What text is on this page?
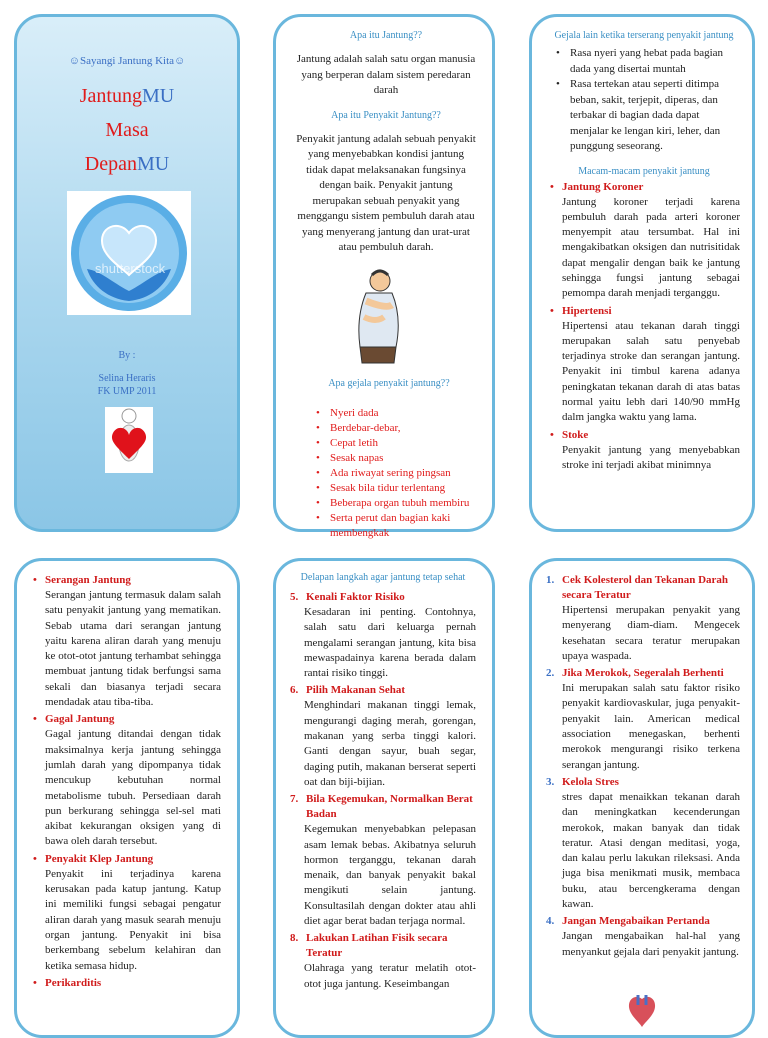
☺Sayangi Jantung Kita☺
JantungMU
Masa
DepanMU
shutterstock
By :
Selina Heraris
FK UMP 2011
Apa itu Jantung??
Jantung adalah salah satu organ manusia yang berperan dalam sistem peredaran darah
Apa itu Penyakit Jantung??
Penyakit jantung adalah sebuah penyakit yang menyebabkan kondisi jantung tidak dapat melaksanakan fungsinya dengan baik. Penyakit jantung merupakan sebuah penyakit yang menggangu sistem pembuluh darah atau yang menyerang jantung dan urat-urat atau pembuluh darah.
Apa gejala penyakit jantung??
• Nyeri dada
• Berdebar-debar,
• Cepat letih
• Sesak napas
• Ada riwayat sering pingsan
• Sesak bila tidur terlentang
• Beberapa organ tubuh membiru
• Serta perut dan bagian kaki membengkak
Gejala lain ketika terserang penyakit jantung
• Rasa nyeri yang hebat pada bagian dada yang disertai muntah
• Rasa tertekan atau seperti ditimpa beban, sakit, terjepit, diperas, dan terbakar di bagian dada dapat menjalar ke lengan kiri, leher, dan punggung seseorang.
Macam-macam penyakit jantung
• Jantung Koroner
Jantung koroner terjadi karena pembuluh darah pada arteri koroner menyempit atau tersumbat. Hal ini mengakibatkan oksigen dan nutrisitidak dapat mengalir dengan baik ke jantung sehingga fungsi jantung sebagai pemompa darah menjadi terganggu.
• Hipertensi
Hipertensi atau tekanan darah tinggi merupakan salah satu penyebab terjadinya stroke dan serangan jantung. Penyakit ini timbul karena adanya peningkatan tekanan darah di atas batas normal yaitu lebh dari 140/90 mmHg dalm jangka waktu yang lama.
• Stoke
Penyakit jantung yang menyebabkan stroke ini terjadi akibat minimnya
• Serangan Jantung
Serangan jantung termasuk dalam salah satu penyakit jantung yang mematikan. Sebab utama dari serangan jantung yaitu karena aliran darah yang menuju ke otot-otot jantung terhambat sehingga membuat jantung tidak berfungsi sama sekali dan biasanya terjadi secara mendadak atau tiba-tiba.
• Gagal Jantung
Gagal jantung ditandai dengan tidak maksimalnya kerja jantung sehingga jumlah darah yang dipompanya tidak mencukup kebutuhan normal metabolisme tubuh. Persediaan darah pun berkurang sehingga sel-sel mati akibat kekurangan oksigen yang di bawa oleh darah tersebut.
• Penyakit Klep Jantung
Penyakit ini terjadinya karena kerusakan pada katup jantung. Katup ini memiliki fungsi sebagai pengatur aliran darah yang masuk searah menuju organ jantung. Penyakit ini bisa berkembang sebelum kelahiran dan ketika semasa hidup.
• Perikarditis
Delapan langkah agar jantung tetap sehat
5. Kenali Faktor Risiko
Kesadaran ini penting. Contohnya, salah satu dari keluarga pernah mengalami serangan jantung, kita bisa mewaspadainya karena berada dalam rantai risiko tinggi.
6. Pilih Makanan Sehat
Menghindari makanan tinggi lemak, mengurangi daging merah, gorengan, makanan yang serba tinggi kalori. Ganti dengan sayur, buah segar, daging putih, makanan berserat seperti oat dan biji-bijian.
7. Bila Kegemukan, Normalkan Berat Badan
Kegemukan menyebabkan pelepasan asam lemak bebas. Akibatnya seluruh hormon terganggu, tekanan darah menaik, dan banyak penyakit bakal mengikuti selain jantung. Konsultasilah dengan dokter atau ahli diet agar berat badan terjaga normal.
8. Lakukan Latihan Fisik secara Teratur
Olahraga yang teratur melatih otot-otot juga jantung. Keseimbangan
1. Cek Kolesterol dan Tekanan Darah secara Teratur
Hipertensi merupakan penyakit yang menyerang diam-diam. Mengecek kesehatan secara teratur merupakan upaya waspada.
2. Jika Merokok, Segeralah Berhenti
Ini merupakan salah satu faktor risiko penyakit kardiovaskular, juga penyakit-penyakit lain. American medical association menegaskan, berhenti merokok mengurangi risiko terkena serangan jantung.
3. Kelola Stres
stres dapat menaikkan tekanan darah dan meningkatkan kecenderungan merokok, makan banyak dan tidak teratur. Atasi dengan meditasi, yoga, dan kalau perlu lakukan rileksasi. Anda juga bisa menikmati musik, membaca buku, atau bercengkerama dengan kawan.
4. Jangan Mengabaikan Pertanda
Jangan mengabaikan hal-hal yang menyankut gejala dari penyakit jantung.
